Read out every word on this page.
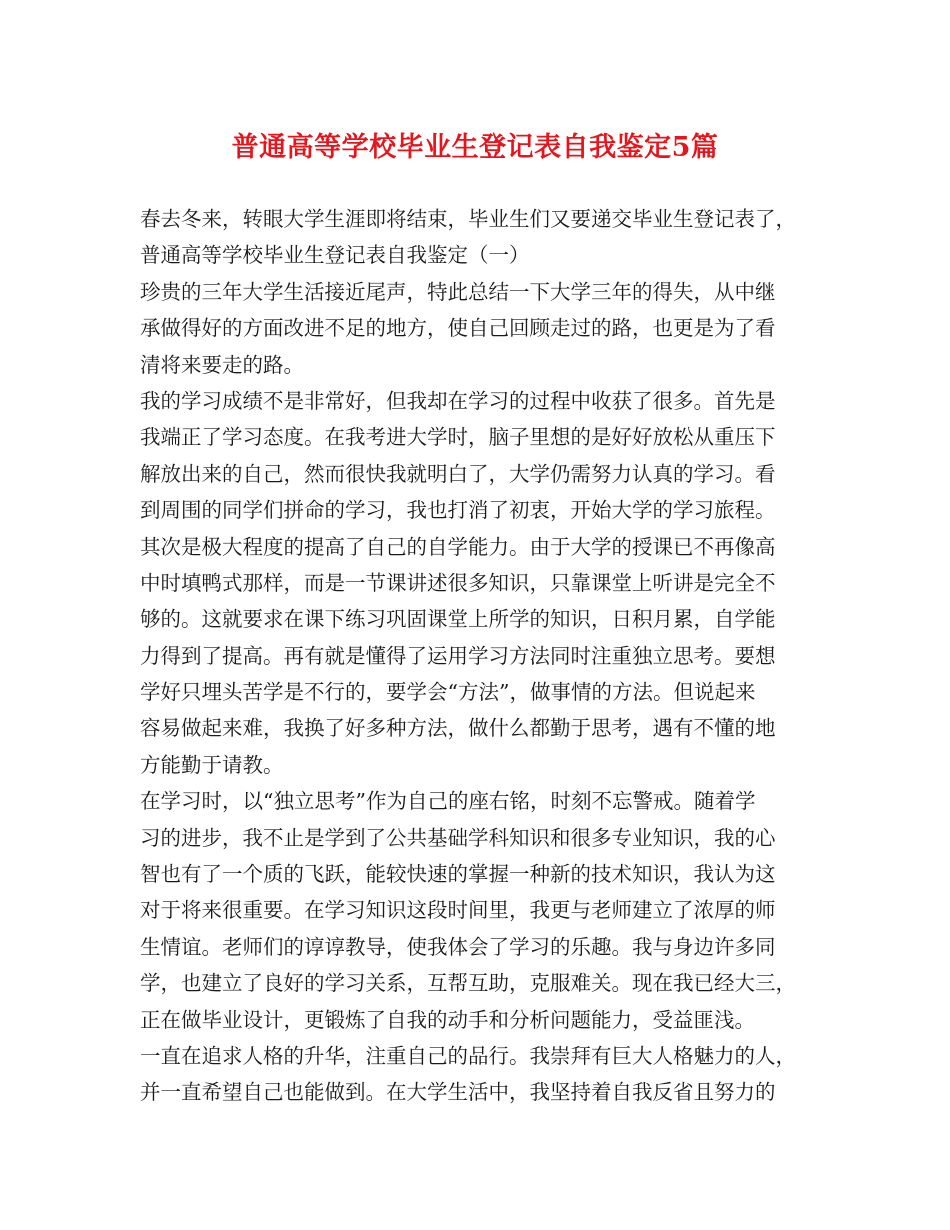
普通高等学校毕业生登记表自我鉴定5篇
春去冬来，转眼大学生涯即将结束，毕业生们又要递交毕业生登记表了，
普通高等学校毕业生登记表自我鉴定（一）
珍贵的三年大学生活接近尾声，特此总结一下大学三年的得失，从中继
承做得好的方面改进不足的地方，使自己回顾走过的路，也更是为了看
清将来要走的路。
我的学习成绩不是非常好，但我却在学习的过程中收获了很多。首先是
我端正了学习态度。在我考进大学时，脑子里想的是好好放松从重压下
解放出来的自己，然而很快我就明白了，大学仍需努力认真的学习。看
到周围的同学们拼命的学习，我也打消了初衷，开始大学的学习旅程。
其次是极大程度的提高了自己的自学能力。由于大学的授课已不再像高
中时填鸭式那样，而是一节课讲述很多知识，只靠课堂上听讲是完全不
够的。这就要求在课下练习巩固课堂上所学的知识，日积月累，自学能
力得到了提高。再有就是懂得了运用学习方法同时注重独立思考。要想
学好只埋头苦学是不行的，要学会“方法”，做事情的方法。但说起来
容易做起来难，我换了好多种方法，做什么都勤于思考，遇有不懂的地
方能勤于请教。
在学习时，以“独立思考”作为自己的座右铭，时刻不忘警戒。随着学
习的进步，我不止是学到了公共基础学科知识和很多专业知识，我的心
智也有了一个质的飞跃，能较快速的掌握一种新的技术知识，我认为这
对于将来很重要。在学习知识这段时间里，我更与老师建立了浓厚的师
生情谊。老师们的谆谆教导，使我体会了学习的乐趣。我与身边许多同
学，也建立了良好的学习关系，互帮互助，克服难关。现在我已经大三，
正在做毕业设计，更锻炼了自我的动手和分析问题能力，受益匪浅。
一直在追求人格的升华，注重自己的品行。我崇拜有巨大人格魅力的人，
并一直希望自己也能做到。在大学生活中，我坚持着自我反省且努力的
